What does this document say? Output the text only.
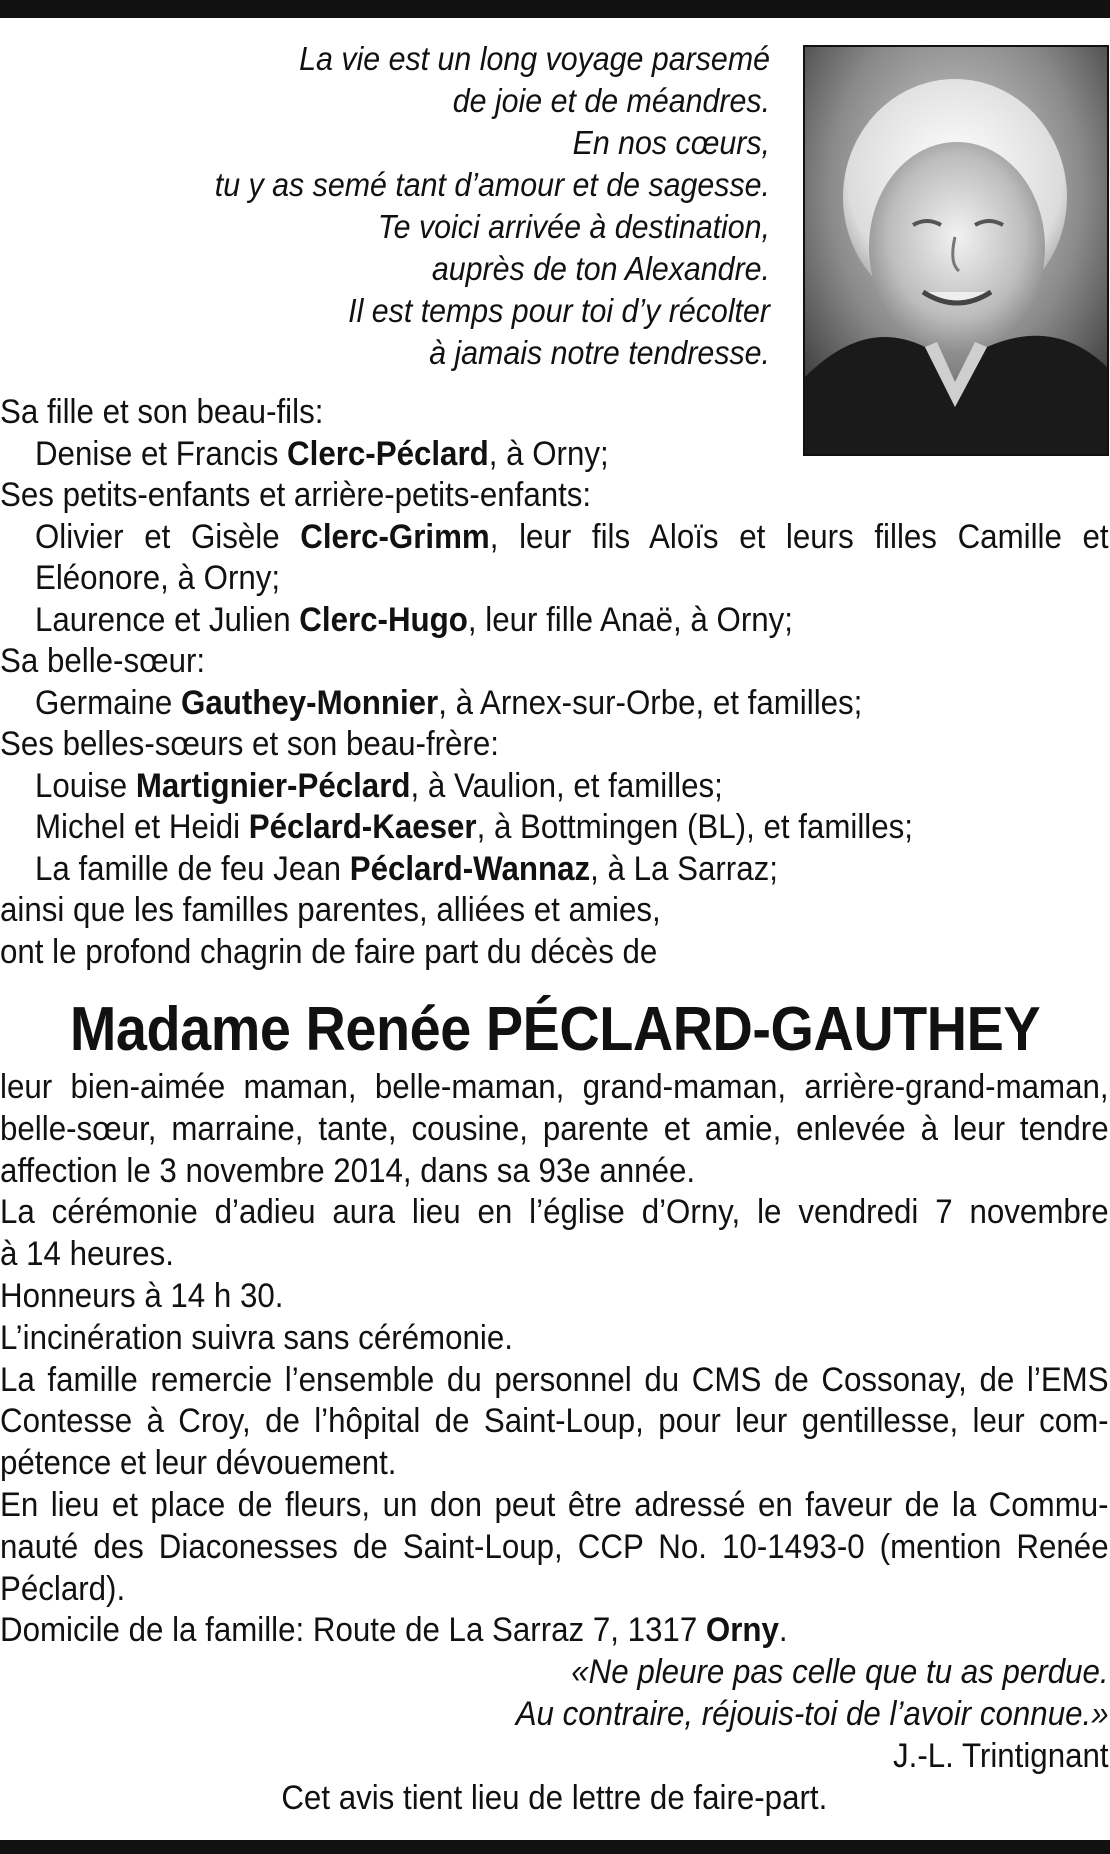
La vie est un long voyage parsemé
de joie et de méandres.
En nos cœurs,
tu y as semé tant d’amour et de sagesse.
Te voici arrivée à destination,
auprès de ton Alexandre.
Il est temps pour toi d’y récolter
à jamais notre tendresse.
Sa fille et son beau-fils:
Denise et Francis Clerc-Péclard, à Orny;
Ses petits-enfants et arrière-petits-enfants:
Olivier et Gisèle Clerc-Grimm, leur fils Aloïs et leurs filles Camille et
Eléonore, à Orny;
Laurence et Julien Clerc-Hugo, leur fille Anaë, à Orny;
Sa belle-sœur:
Germaine Gauthey-Monnier, à Arnex-sur-Orbe, et familles;
Ses belles-sœurs et son beau-frère:
Louise Martignier-Péclard, à Vaulion, et familles;
Michel et Heidi Péclard-Kaeser, à Bottmingen (BL), et familles;
La famille de feu Jean Péclard-Wannaz, à La Sarraz;
ainsi que les familles parentes, alliées et amies,
ont le profond chagrin de faire part du décès de
Madame Renée PÉCLARD-GAUTHEY
leur bien-aimée maman, belle-maman, grand-maman, arrière-grand-maman,
belle-sœur, marraine, tante, cousine, parente et amie, enlevée à leur tendre
affection le 3 novembre 2014, dans sa 93e année.
La cérémonie d’adieu aura lieu en l’église d’Orny, le vendredi 7 novembre
à 14 heures.
Honneurs à 14 h 30.
L’incinération suivra sans cérémonie.
La famille remercie l’ensemble du personnel du CMS de Cossonay, de l’EMS
Contesse à Croy, de l’hôpital de Saint-Loup, pour leur gentillesse, leur com-
pétence et leur dévouement.
En lieu et place de fleurs, un don peut être adressé en faveur de la Commu-
nauté des Diaconesses de Saint-Loup, CCP No. 10-1493-0 (mention Renée
Péclard).
Domicile de la famille: Route de La Sarraz 7, 1317 Orny.
«Ne pleure pas celle que tu as perdue.
Au contraire, réjouis-toi de l’avoir connue.»
J.-L. Trintignant
Cet avis tient lieu de lettre de faire-part.
